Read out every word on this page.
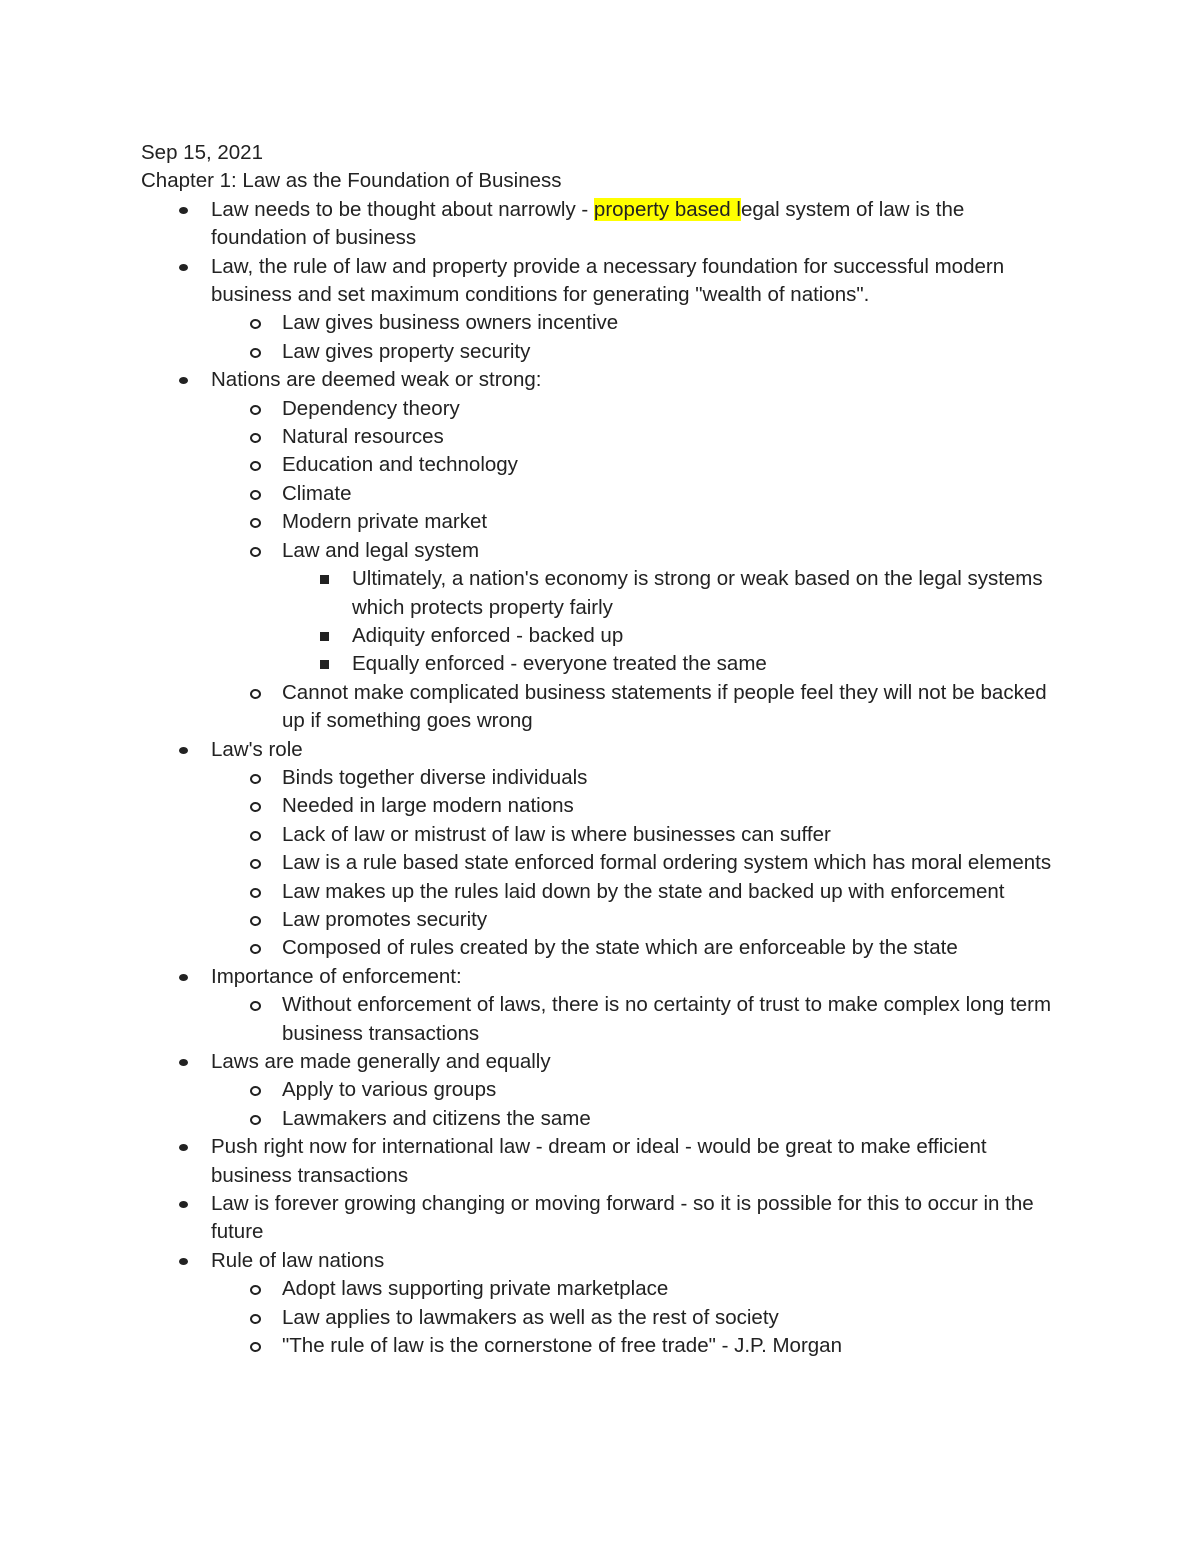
Sep 15, 2021

Chapter 1: Law as the Foundation of Business

Law needs to be thought about narrowly - property based legal system of law is the foundation of business
Law, the rule of law and property provide a necessary foundation for successful modern business and set maximum conditions for generating "wealth of nations".
Law gives business owners incentive
Law gives property security
Nations are deemed weak or strong:
Dependency theory
Natural resources
Education and technology
Climate
Modern private market
Law and legal system
Ultimately, a nation's economy is strong or weak based on the legal systems which protects property fairly
Adiquity enforced - backed up
Equally enforced - everyone treated the same
Cannot make complicated business statements if people feel they will not be backed up if something goes wrong
Law's role
Binds together diverse individuals
Needed in large modern nations
Lack of law or mistrust of law is where businesses can suffer
Law is a rule based state enforced formal ordering system which has moral elements
Law makes up the rules laid down by the state and backed up with enforcement
Law promotes security
Composed of rules created by the state which are enforceable by the state
Importance of enforcement:
Without enforcement of laws, there is no certainty of trust to make complex long term business transactions
Laws are made generally and equally
Apply to various groups
Lawmakers and citizens the same
Push right now for international law - dream or ideal - would be great to make efficient business transactions
Law is forever growing changing or moving forward - so it is possible for this to occur in the future
Rule of law nations
Adopt laws supporting private marketplace
Law applies to lawmakers as well as the rest of society
"The rule of law is the cornerstone of free trade" - J.P. Morgan
